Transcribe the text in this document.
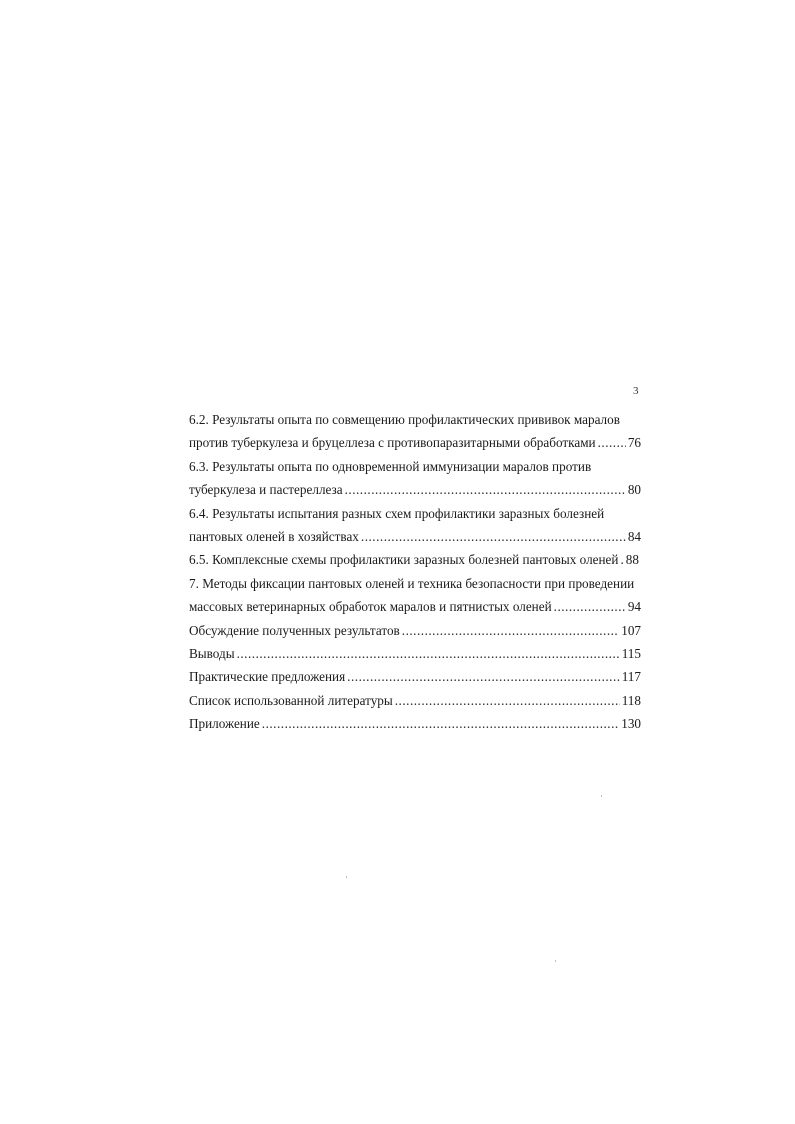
3
6.2. Результаты опыта по совмещению профилактических прививок маралов
против туберкулеза и бруцеллеза с противопаразитарными обработками ..... 76
6.3. Результаты опыта по одновременной иммунизации маралов против
туберкулеза и пастереллеза .....	80
6.4. Результаты испытания разных схем профилактики заразных болезней
пантовых оленей в хозяйствах .....	84
6.5. Комплексные схемы профилактики заразных болезней пантовых оленей . 88
7. Методы фиксации пантовых оленей и техника безопасности при проведении
массовых ветеринарных обработок маралов и пятнистых оленей .....	94
Обсуждение полученных результатов .....	107
Выводы .....	115
Практические предложения .....	117
Список использованной литературы .....	118
Приложение .....	130
